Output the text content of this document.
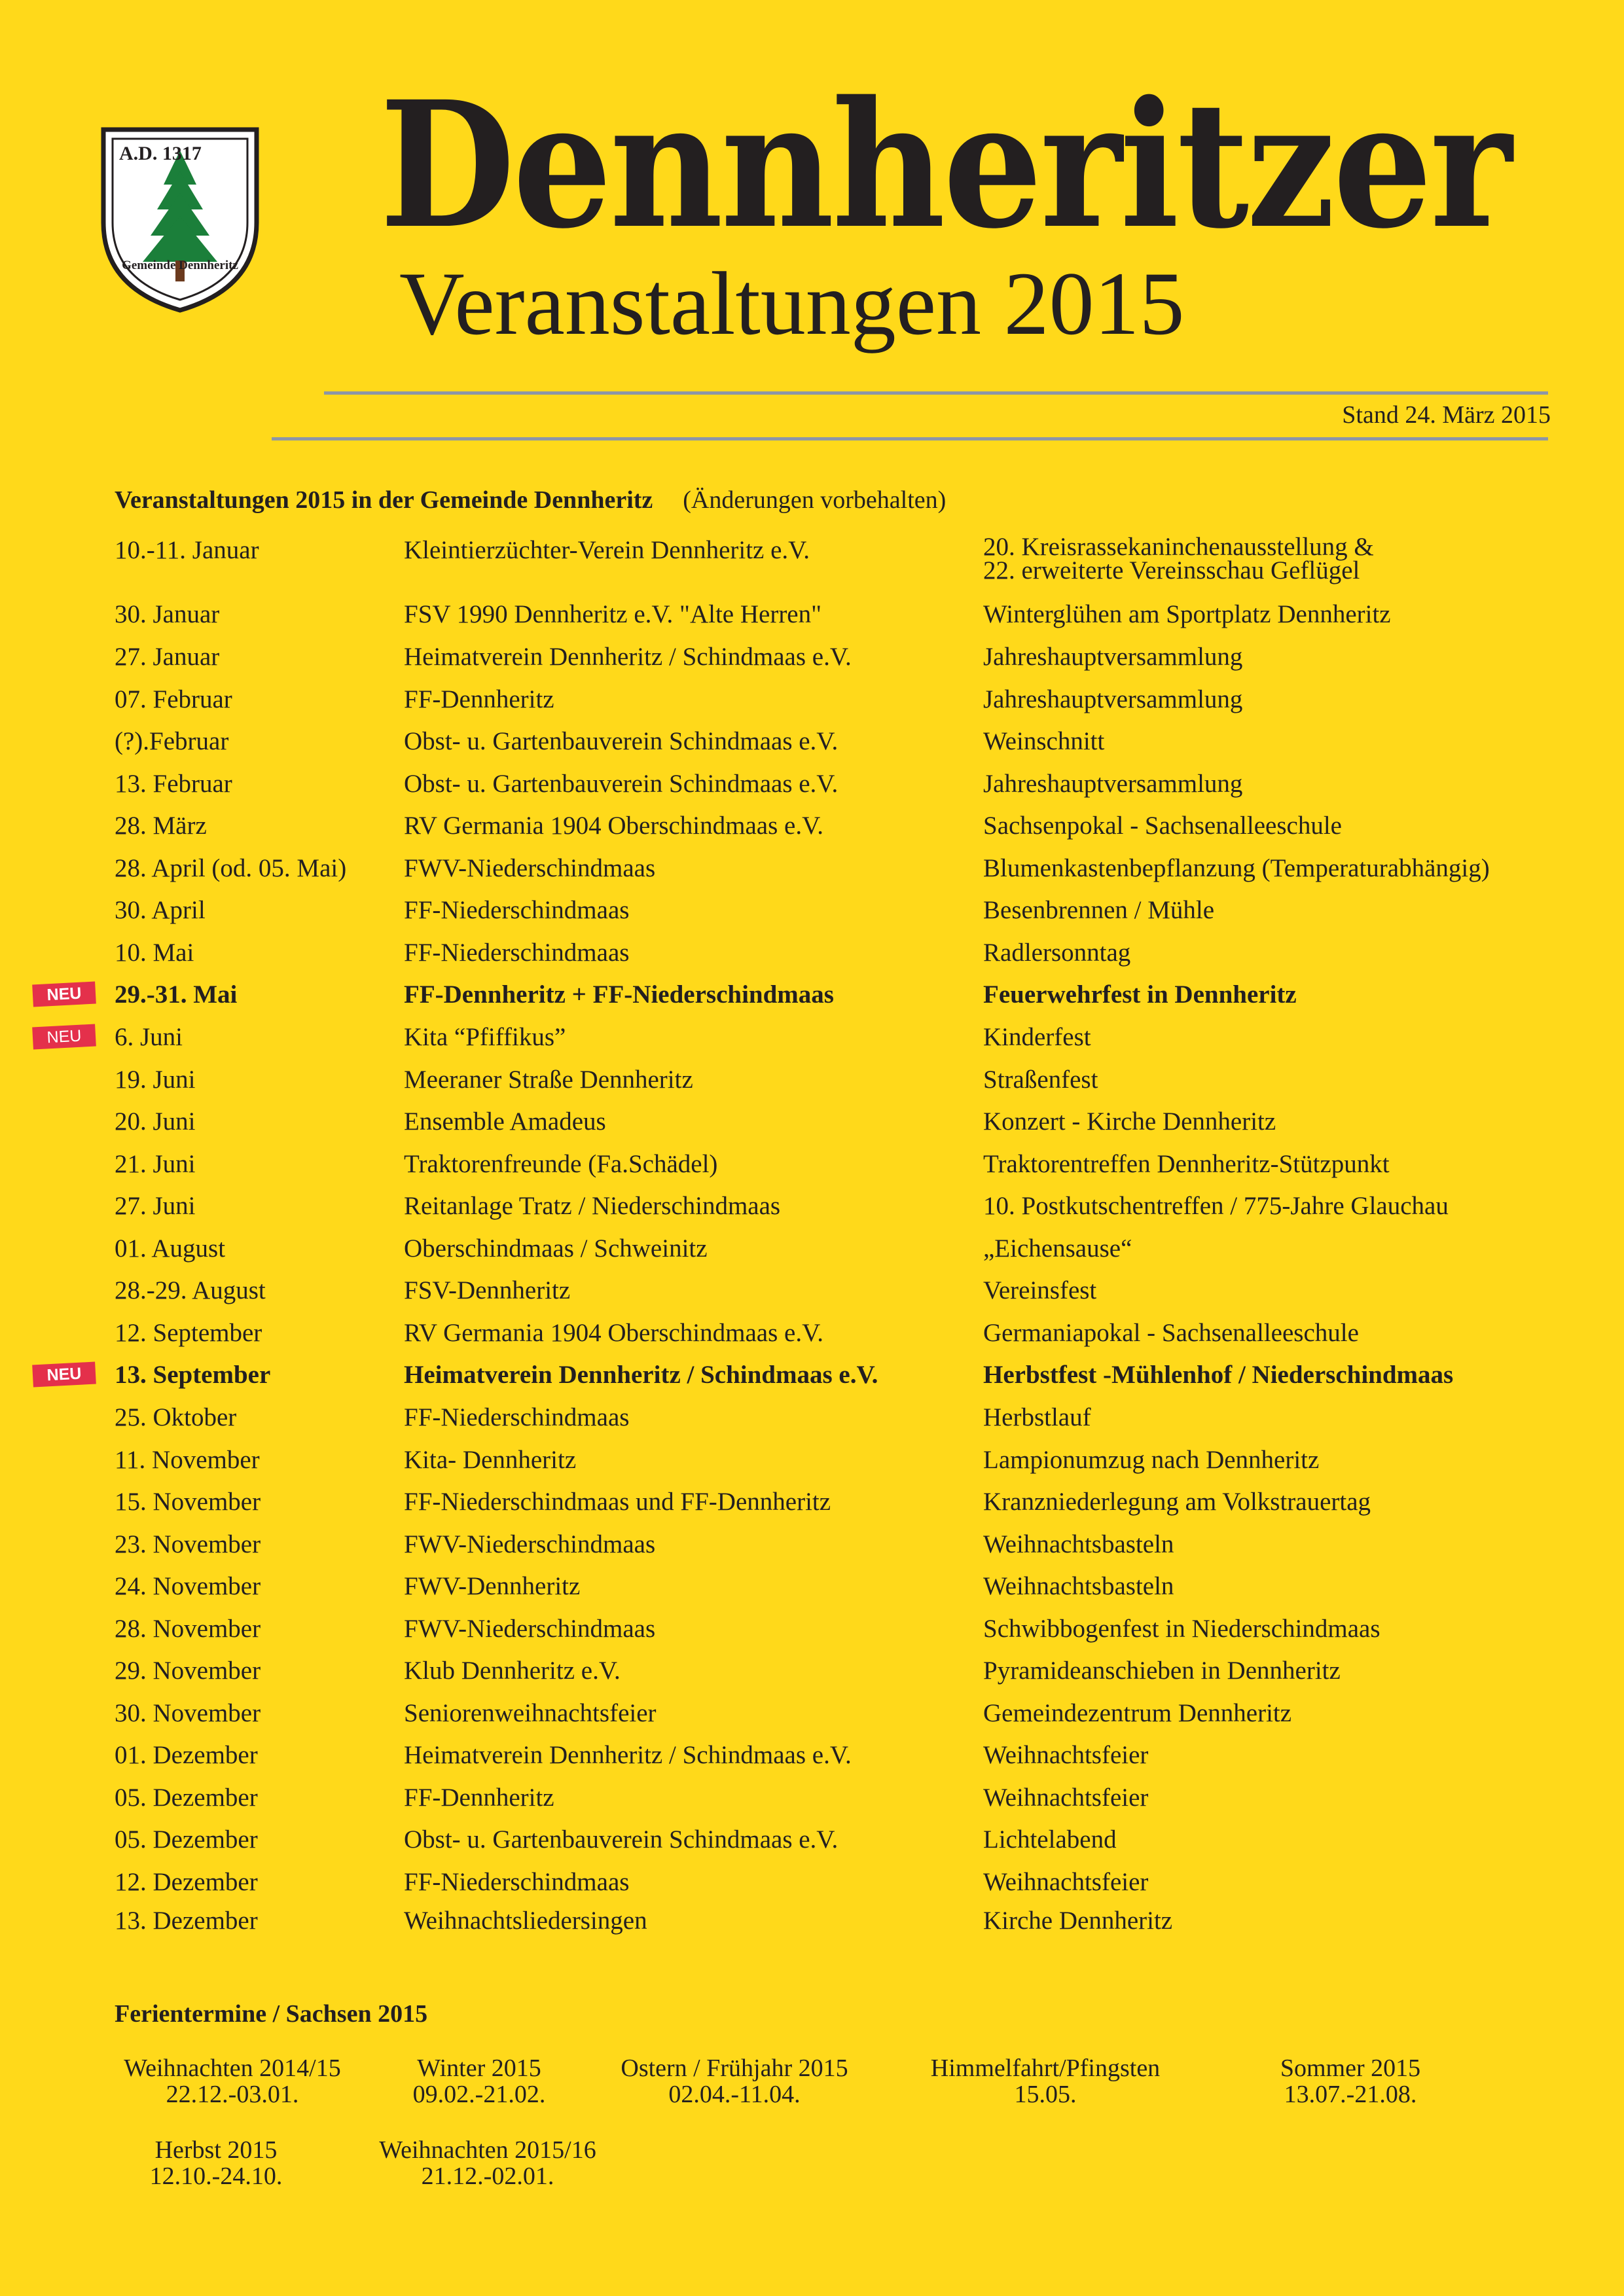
A.D. 1317
Gemeinde Dennheritz Dennheritzer
Veranstaltungen 2015
Stand 24. März 2015
Veranstaltungen 2015 in der Gemeinde Dennheritz (Änderungen vorbehalten)
10.-11. Januar	Kleintierzüchter-Verein Dennheritz e.V.	20. Kreisrassekaninchenausstellung &
22. erweiterte Vereinsschau Geflügel
30. Januar	FSV 1990 Dennheritz e.V. "Alte Herren"	Winterglühen am Sportplatz Dennheritz
27. Januar	Heimatverein Dennheritz / Schindmaas e.V.	Jahreshauptversammlung
07. Februar	FF-Dennheritz	Jahreshauptversammlung
(?).Februar	Obst- u. Gartenbauverein Schindmaas e.V.	Weinschnitt
13. Februar	Obst- u. Gartenbauverein Schindmaas e.V.	Jahreshauptversammlung
28. März	RV Germania 1904 Oberschindmaas e.V.	Sachsenpokal - Sachsenalleeschule
28. April (od. 05. Mai) FWV-Niederschindmaas	Blumenkastenbepflanzung (Temperaturabhängig)
30. April	FF-Niederschindmaas	Besenbrennen / Mühle
10. Mai	FF-Niederschindmaas	Radlersonntag
NEU	29.-31. Mai	FF-Dennheritz + FF-Niederschindmaas	Feuerwehrfest in Dennheritz
NEU	6. Juni	Kita “Pfiffikus”	Kinderfest
19. Juni	Meeraner Straße Dennheritz	Straßenfest
20. Juni	Ensemble Amadeus	Konzert - Kirche Dennheritz
21. Juni	Traktorenfreunde (Fa.Schädel)	Traktorentreffen Dennheritz-Stützpunkt
27. Juni	Reitanlage Tratz / Niederschindmaas	10. Postkutschentreffen / 775-Jahre Glauchau
01. August	Oberschindmaas / Schweinitz	„Eichensause“
28.-29. August	FSV-Dennheritz	Vereinsfest
12. September	RV Germania 1904 Oberschindmaas e.V.	Germaniapokal - Sachsenalleeschule
NEU	13. September	Heimatverein Dennheritz / Schindmaas e.V.	Herbstfest -Mühlenhof / Niederschindmaas
25. Oktober	FF-Niederschindmaas	Herbstlauf
11. November	Kita- Dennheritz	Lampionumzug nach Dennheritz
15. November	FF-Niederschindmaas und FF-Dennheritz	Kranzniederlegung am Volkstrauertag
23. November	FWV-Niederschindmaas	Weihnachtsbasteln
24. November	FWV-Dennheritz	Weihnachtsbasteln
28. November	FWV-Niederschindmaas	Schwibbogenfest in Niederschindmaas
29. November	Klub Dennheritz e.V.	Pyramideanschieben in Dennheritz
30. November	Seniorenweihnachtsfeier	Gemeindezentrum Dennheritz
01. Dezember	Heimatverein Dennheritz / Schindmaas e.V.	Weihnachtsfeier
05. Dezember	FF-Dennheritz	Weihnachtsfeier
05. Dezember	Obst- u. Gartenbauverein Schindmaas e.V.	Lichtelabend
12. Dezember	FF-Niederschindmaas	Weihnachtsfeier
13. Dezember	Weihnachtsliedersingen	Kirche Dennheritz
Ferientermine / Sachsen 2015
Weihnachten 2014/15
22.12.-03.01.
Winter 2015
09.02.-21.02.
Ostern / Frühjahr 2015
02.04.-11.04.
Himmelfahrt/Pfingsten
15.05.
Sommer 2015
13.07.-21.08.
Herbst 2015
12.10.-24.10.
Weihnachten 2015/16
21.12.-02.01.
